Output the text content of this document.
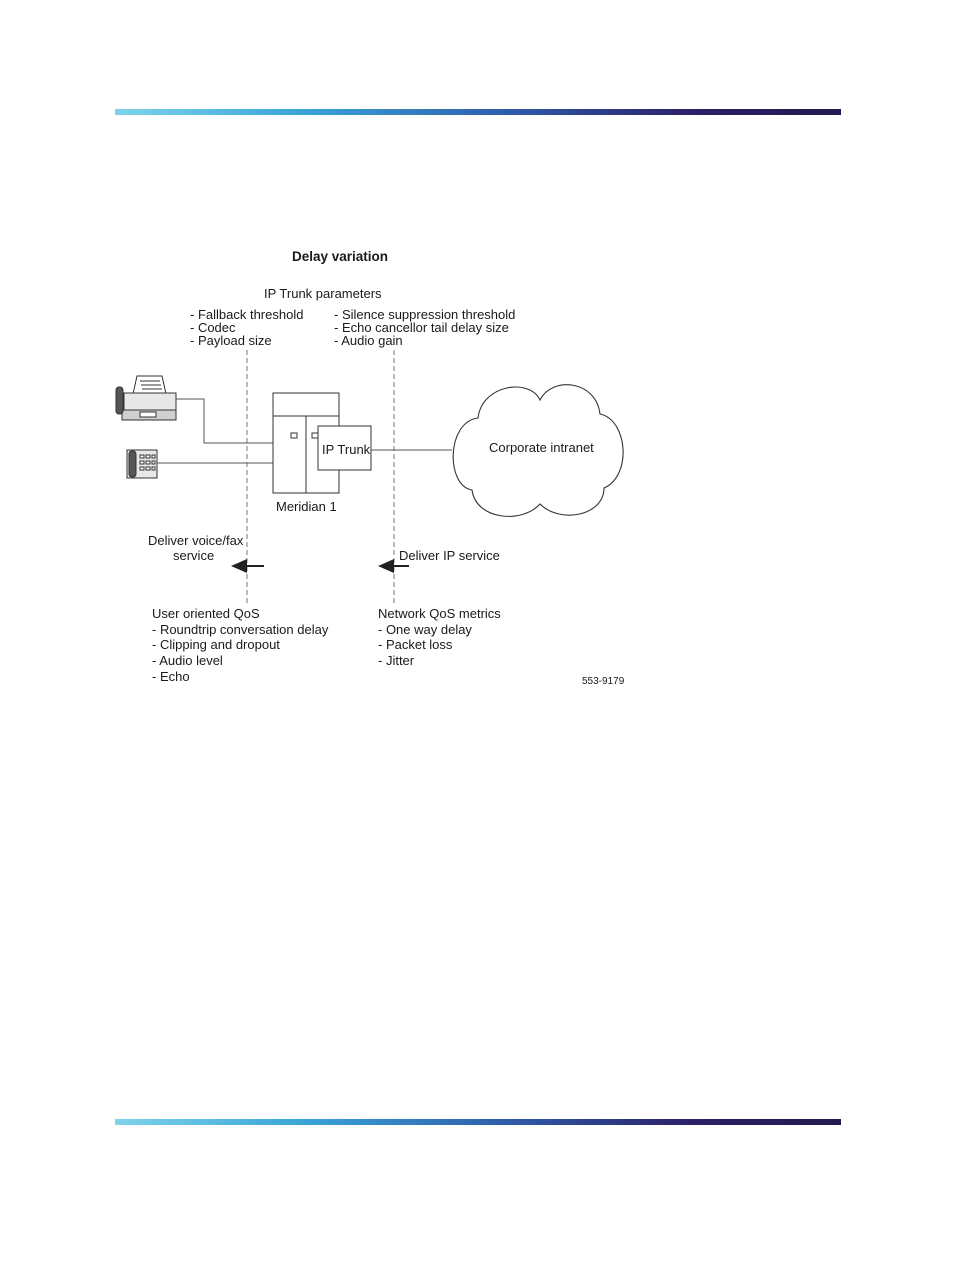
Delay variation
IP Trunk parameters
- Fallback threshold
- Codec
- Payload size
- Silence suppression threshold
- Echo cancellor tail delay size
- Audio gain
IP Trunk
Meridian 1
Corporate intranet
Deliver voice/fax
service	Deliver IP service
User oriented QoS
- Roundtrip conversation delay
- Clipping and dropout
- Audio level
- Echo
Network QoS metrics
- One way delay
- Packet loss
- Jitter
553-9179
